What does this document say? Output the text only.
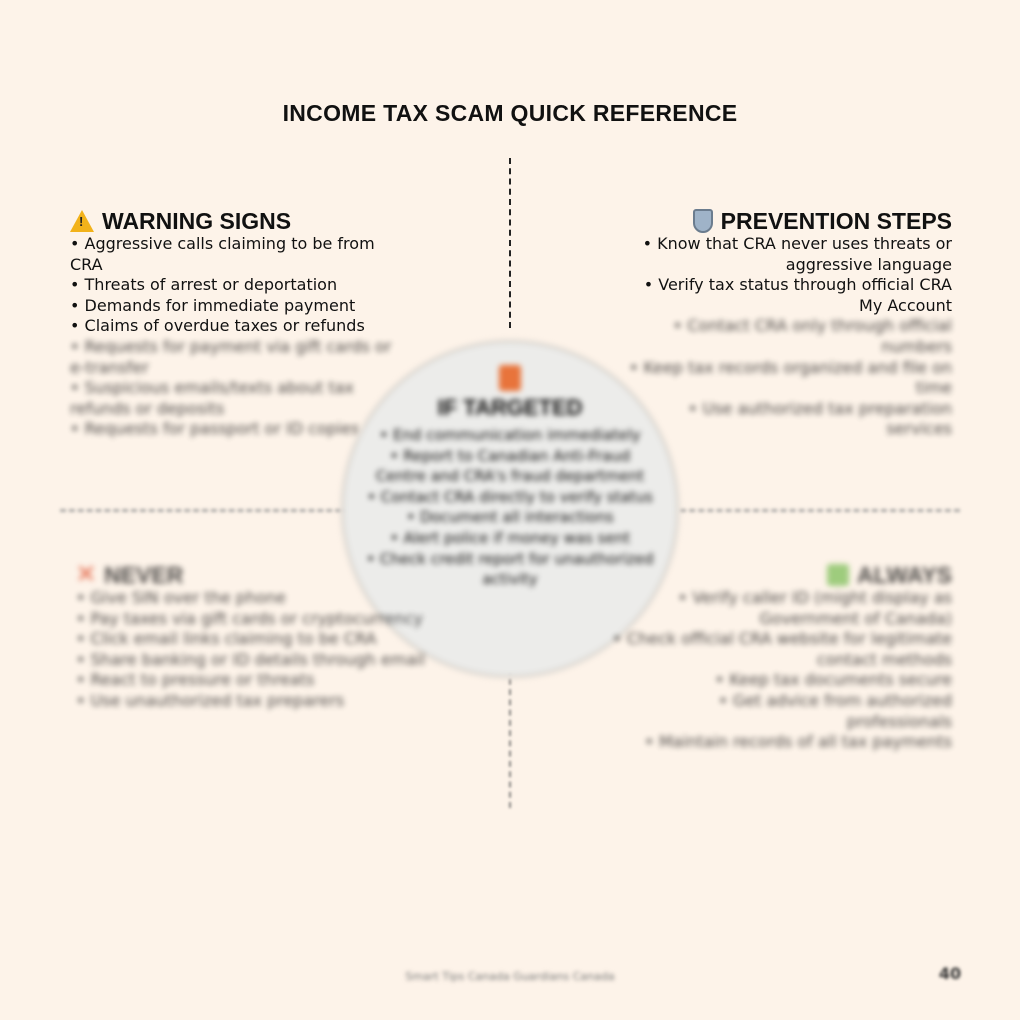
INCOME TAX SCAM QUICK REFERENCE
! WARNING SIGNS
• Aggressive calls claiming to be from CRA
• Threats of arrest or deportation
• Demands for immediate payment
• Claims of overdue taxes or refunds
• Requests for payment via gift cards or e-transfer
• Suspicious emails/texts about tax refunds or deposits
• Requests for passport or ID copies
PREVENTION STEPS
• Know that CRA never uses threats or aggressive language
• Verify tax status through official CRA My Account
• Contact CRA only through official numbers
• Keep tax records organized and file on time
• Use authorized tax preparation services
IF TARGETED
• End communication immediately
• Report to Canadian Anti-Fraud Centre and CRA's fraud department
• Contact CRA directly to verify status
• Document all interactions
• Alert police if money was sent
• Check credit report for unauthorized activity
✕ NEVER
• Give SIN over the phone
• Pay taxes via gift cards or cryptocurrency
• Click email links claiming to be CRA
• Share banking or ID details through email
• React to pressure or threats
• Use unauthorized tax preparers
ALWAYS
• Verify caller ID (might display as Government of Canada)
• Check official CRA website for legitimate contact methods
• Keep tax documents secure
• Get advice from authorized professionals
• Maintain records of all tax payments
Smart Tips Canada Guardians Canada	40
